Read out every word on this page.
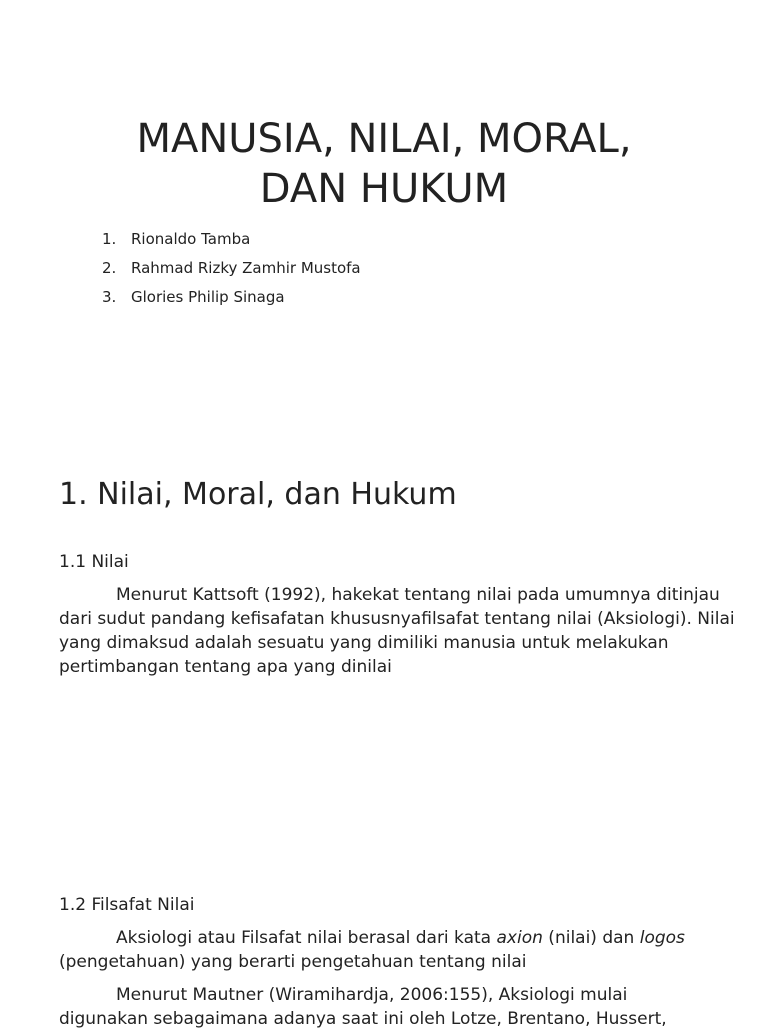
MANUSIA, NILAI, MORAL,
DAN HUKUM
1. Rionaldo Tamba
2. Rahmad Rizky Zamhir Mustofa
3. Glories Philip Sinaga
1. Nilai, Moral, dan Hukum
1.1 Nilai

Menurut Kattsoft (1992), hakekat tentang nilai pada umumnya ditinjau dari sudut pandang kefisafatan khususnyafilsafat tentang nilai (Aksiologi). Nilai yang dimaksud adalah sesuatu yang dimiliki manusia untuk melakukan pertimbangan tentang apa yang dinilai

1.2 Filsafat Nilai

Aksiologi atau Filsafat nilai berasal dari kata axion (nilai) dan logos (pengetahuan) yang berarti pengetahuan tentang nilai

Menurut Mautner (Wiramihardja, 2006:155), Aksiologi mulai
digunakan sebagaimana adanya saat ini oleh Lotze, Brentano, Hussert,
